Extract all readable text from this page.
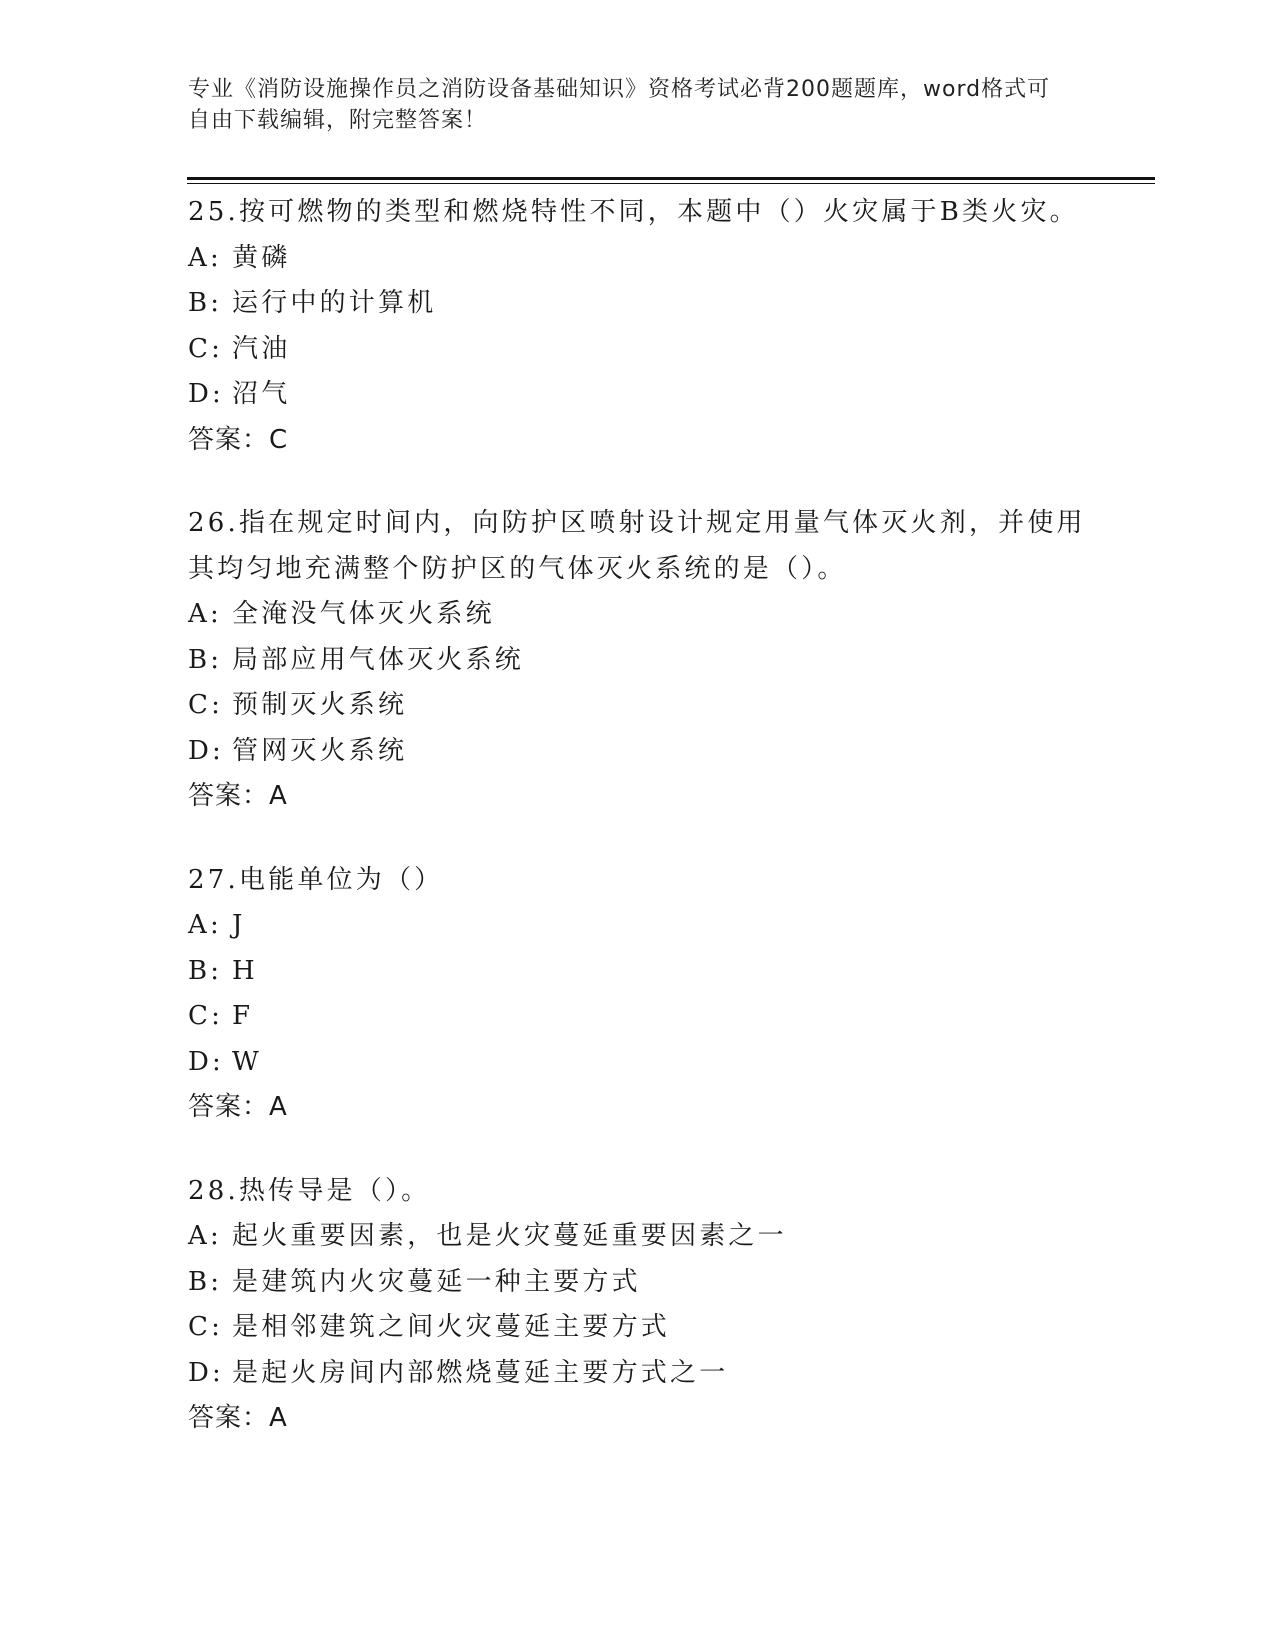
专业《消防设施操作员之消防设备基础知识》资格考试必背200题题库，word格式可自由下载编辑，附完整答案！

25.按可燃物的类型和燃烧特性不同，本题中（）火灾属于B类火灾。

A: 黄磷

B: 运行中的计算机

C: 汽油

D: 沼气

答案：C

26.指在规定时间内，向防护区喷射设计规定用量气体灭火剂，并使用其均匀地充满整个防护区的气体灭火系统的是（）。

A: 全淹没气体灭火系统

B: 局部应用气体灭火系统

C: 预制灭火系统

D: 管网灭火系统

答案：A

27.电能单位为（）

A: J

B: H

C: F

D: W

答案：A

28.热传导是（）。

A: 起火重要因素，也是火灾蔓延重要因素之一

B: 是建筑内火灾蔓延一种主要方式

C: 是相邻建筑之间火灾蔓延主要方式

D: 是起火房间内部燃烧蔓延主要方式之一

答案：A
